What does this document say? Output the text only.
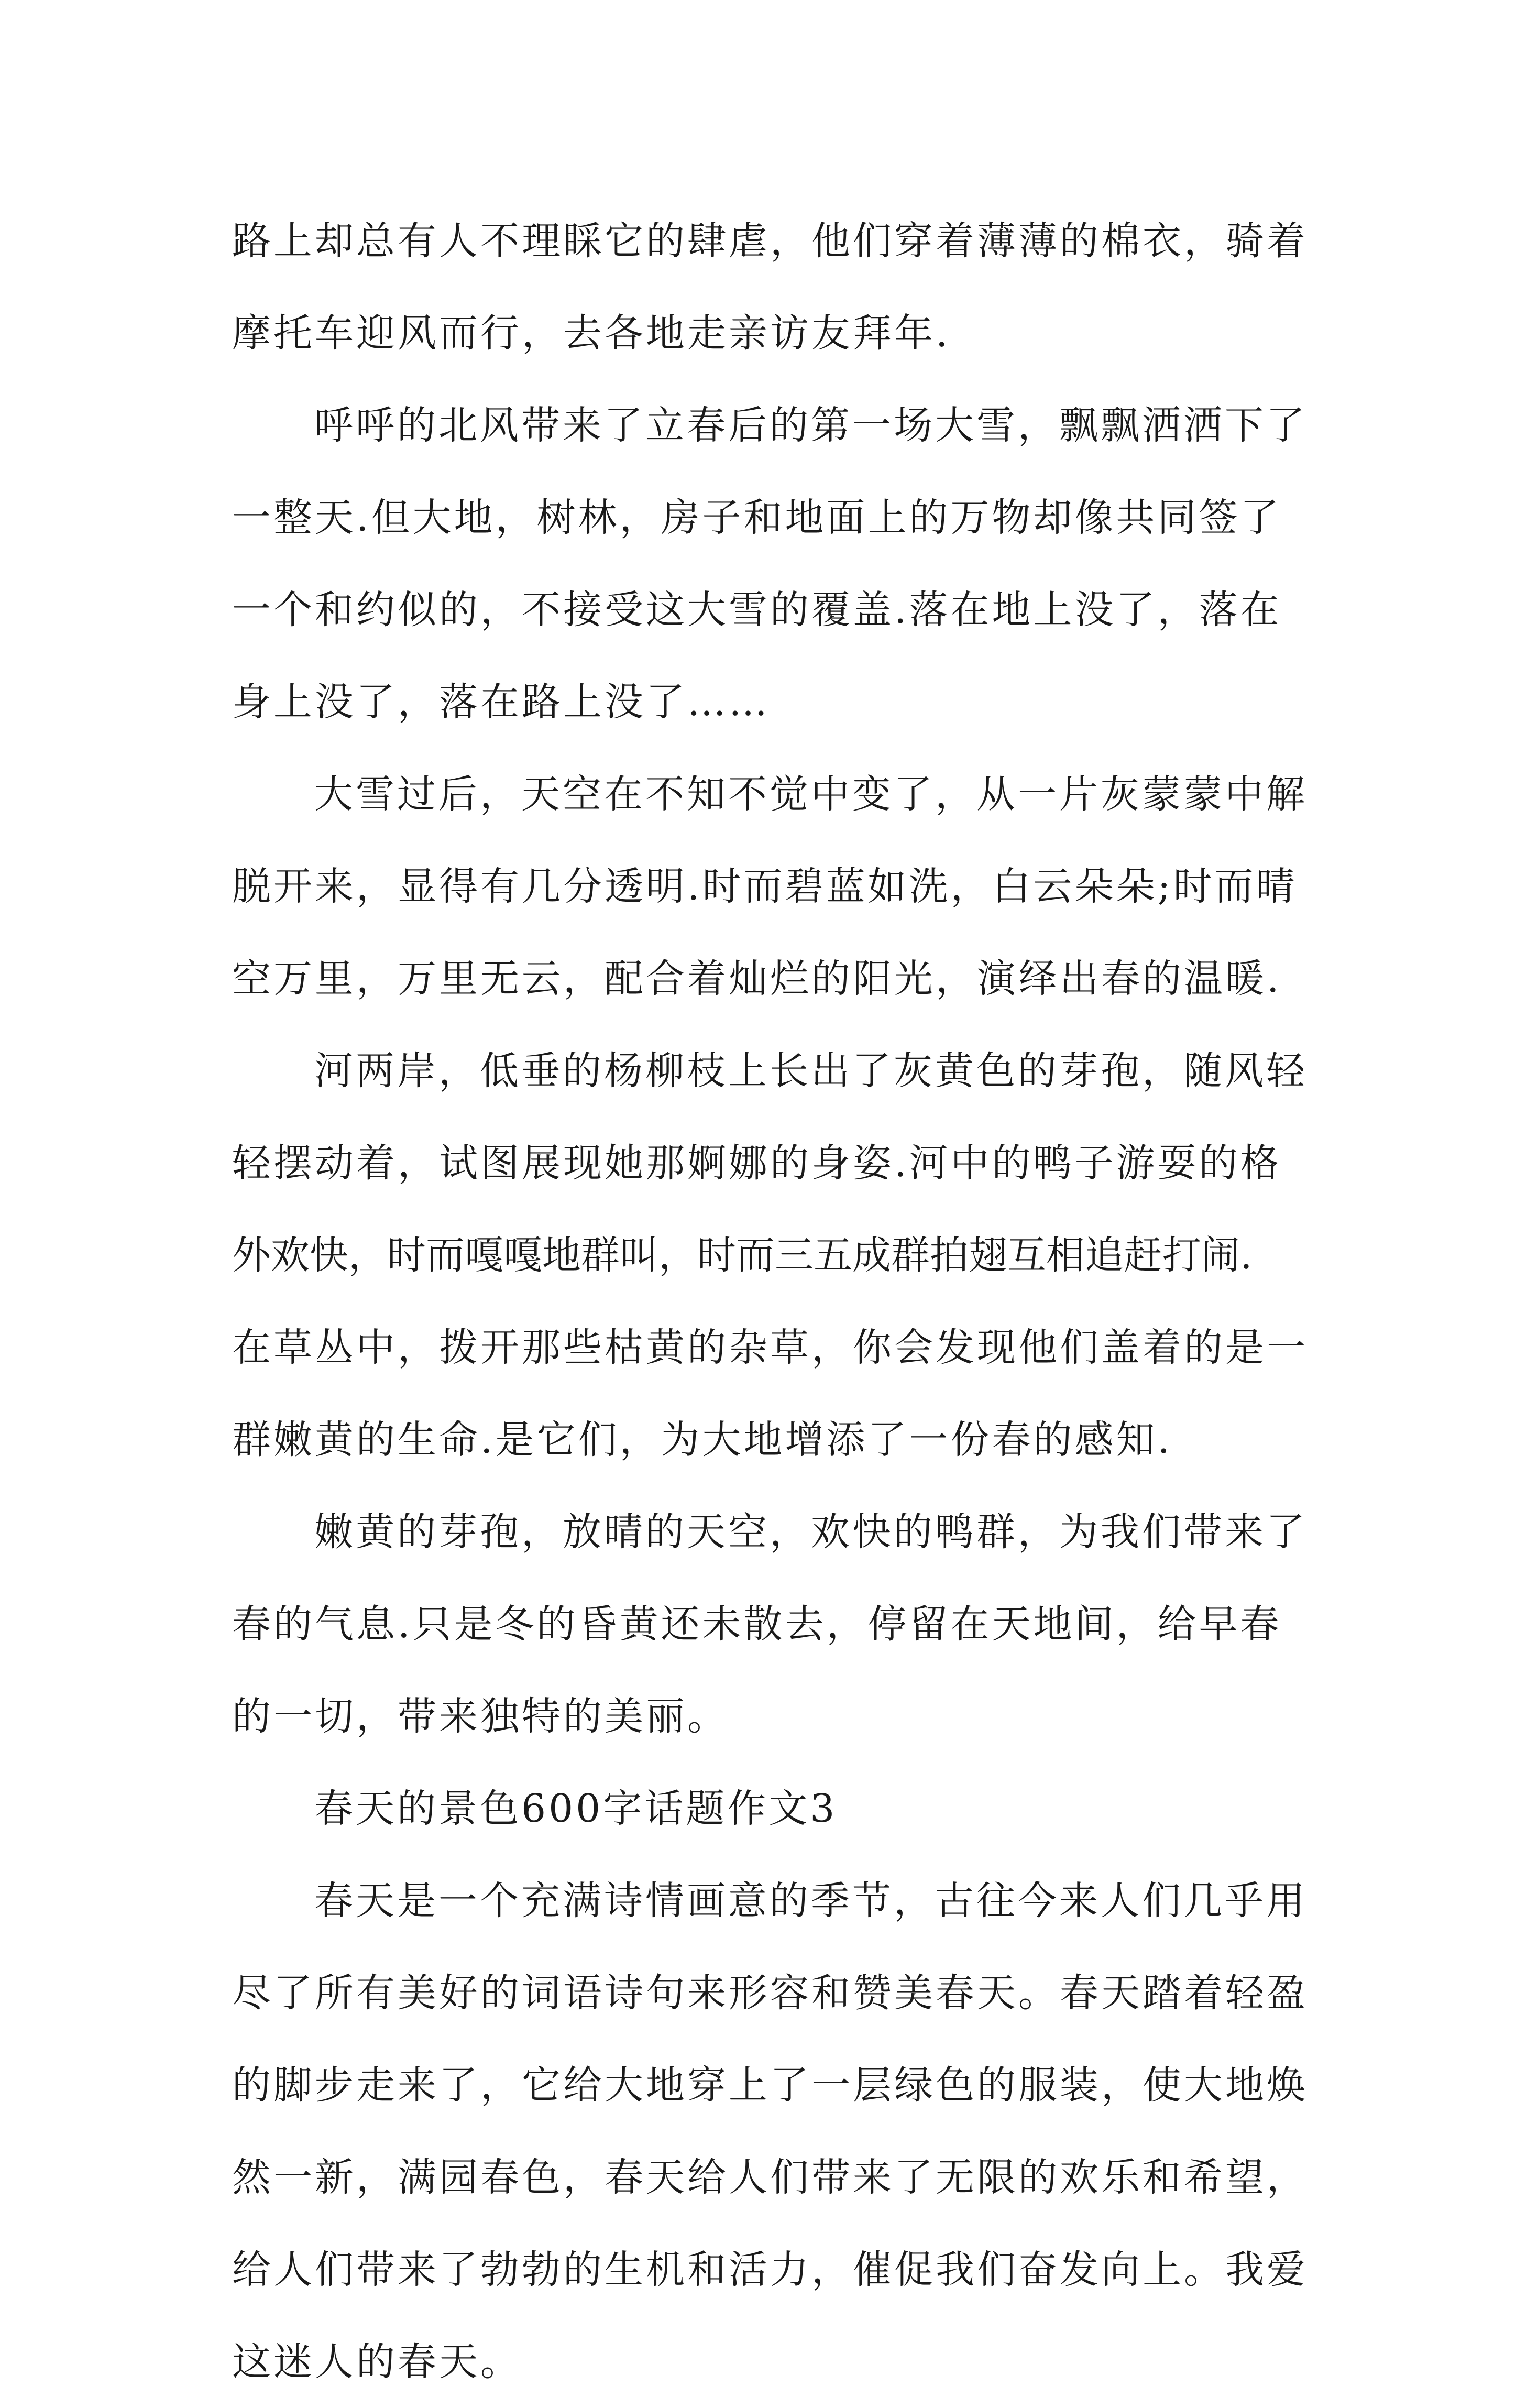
路上却总有人不理睬它的肆虐，他们穿着薄薄的棉衣，骑着
摩托车迎风而行，去各地走亲访友拜年.
呼呼的北风带来了立春后的第一场大雪，飘飘洒洒下了
一整天.但大地，树林，房子和地面上的万物却像共同签了
一个和约似的，不接受这大雪的覆盖.落在地上没了，落在
身上没了，落在路上没了……
大雪过后，天空在不知不觉中变了，从一片灰蒙蒙中解
脱开来，显得有几分透明.时而碧蓝如洗，白云朵朵;时而晴
空万里，万里无云，配合着灿烂的阳光，演绎出春的温暖.
河两岸，低垂的杨柳枝上长出了灰黄色的芽孢，随风轻
轻摆动着，试图展现她那婀娜的身姿.河中的鸭子游耍的格
外欢快，时而嘎嘎地群叫，时而三五成群拍翅互相追赶打闹.
在草丛中，拨开那些枯黄的杂草，你会发现他们盖着的是一
群嫩黄的生命.是它们，为大地增添了一份春的感知.
嫩黄的芽孢，放晴的天空，欢快的鸭群，为我们带来了
春的气息.只是冬的昏黄还未散去，停留在天地间，给早春
的一切，带来独特的美丽。
春天的景色600字话题作文3
春天是一个充满诗情画意的季节，古往今来人们几乎用
尽了所有美好的词语诗句来形容和赞美春天。春天踏着轻盈
的脚步走来了，它给大地穿上了一层绿色的服装，使大地焕
然一新，满园春色，春天给人们带来了无限的欢乐和希望，
给人们带来了勃勃的生机和活力，催促我们奋发向上。我爱
这迷人的春天。
